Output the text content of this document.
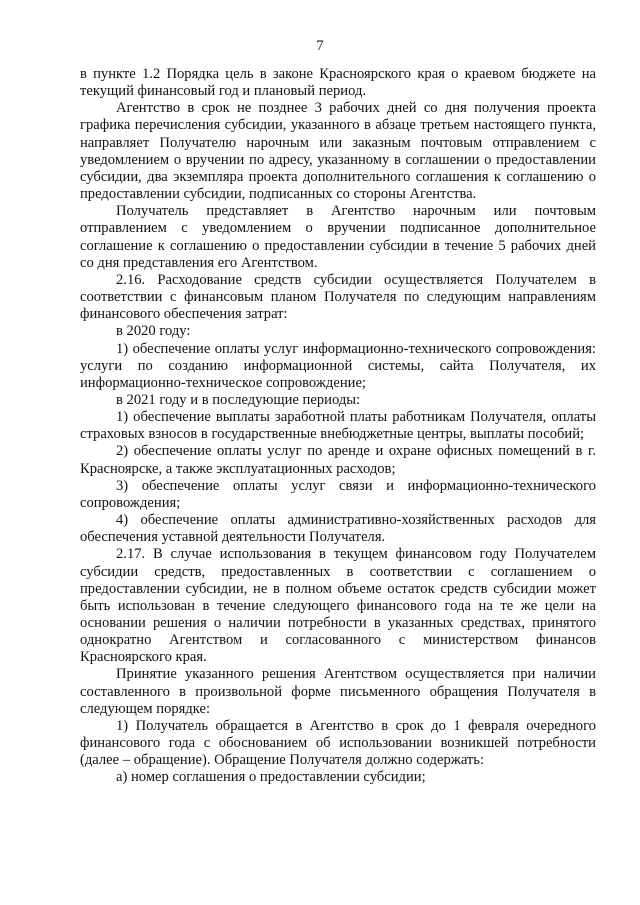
7

в пункте 1.2 Порядка цель в законе Красноярского края о краевом бюджете на текущий финансовый год и плановый период.

Агентство в срок не позднее 3 рабочих дней со дня получения проекта графика перечисления субсидии, указанного в абзаце третьем настоящего пункта, направляет Получателю нарочным или заказным почтовым отправлением с уведомлением о вручении по адресу, указанному в соглашении о предоставлении субсидии, два экземпляра проекта дополнительного соглашения к соглашению о предоставлении субсидии, подписанных со стороны Агентства.

Получатель представляет в Агентство нарочным или почтовым отправлением с уведомлением о вручении подписанное дополнительное соглашение к соглашению о предоставлении субсидии в течение 5 рабочих дней со дня представления его Агентством.

2.16. Расходование средств субсидии осуществляется Получателем в соответствии с финансовым планом Получателя по следующим направлениям финансового обеспечения затрат:

в 2020 году:

1) обеспечение оплаты услуг информационно-технического сопровождения: услуги по созданию информационной системы, сайта Получателя, их информационно-техническое сопровождение;

в 2021 году и в последующие периоды:

1) обеспечение выплаты заработной платы работникам Получателя, оплаты страховых взносов в государственные внебюджетные центры, выплаты пособий;

2) обеспечение оплаты услуг по аренде и охране офисных помещений в г. Красноярске, а также эксплуатационных расходов;

3) обеспечение оплаты услуг связи и информационно-технического сопровождения;

4) обеспечение оплаты административно-хозяйственных расходов для обеспечения уставной деятельности Получателя.

2.17. В случае использования в текущем финансовом году Получателем субсидии средств, предоставленных в соответствии с соглашением о предоставлении субсидии, не в полном объеме остаток средств субсидии может быть использован в течение следующего финансового года на те же цели на основании решения о наличии потребности в указанных средствах, принятого однократно Агентством и согласованного с министерством финансов Красноярского края.

Принятие указанного решения Агентством осуществляется при наличии составленного в произвольной форме письменного обращения Получателя в следующем порядке:

1) Получатель обращается в Агентство в срок до 1 февраля очередного финансового года с обоснованием об использовании возникшей потребности (далее – обращение). Обращение Получателя должно содержать:

а) номер соглашения о предоставлении субсидии;
